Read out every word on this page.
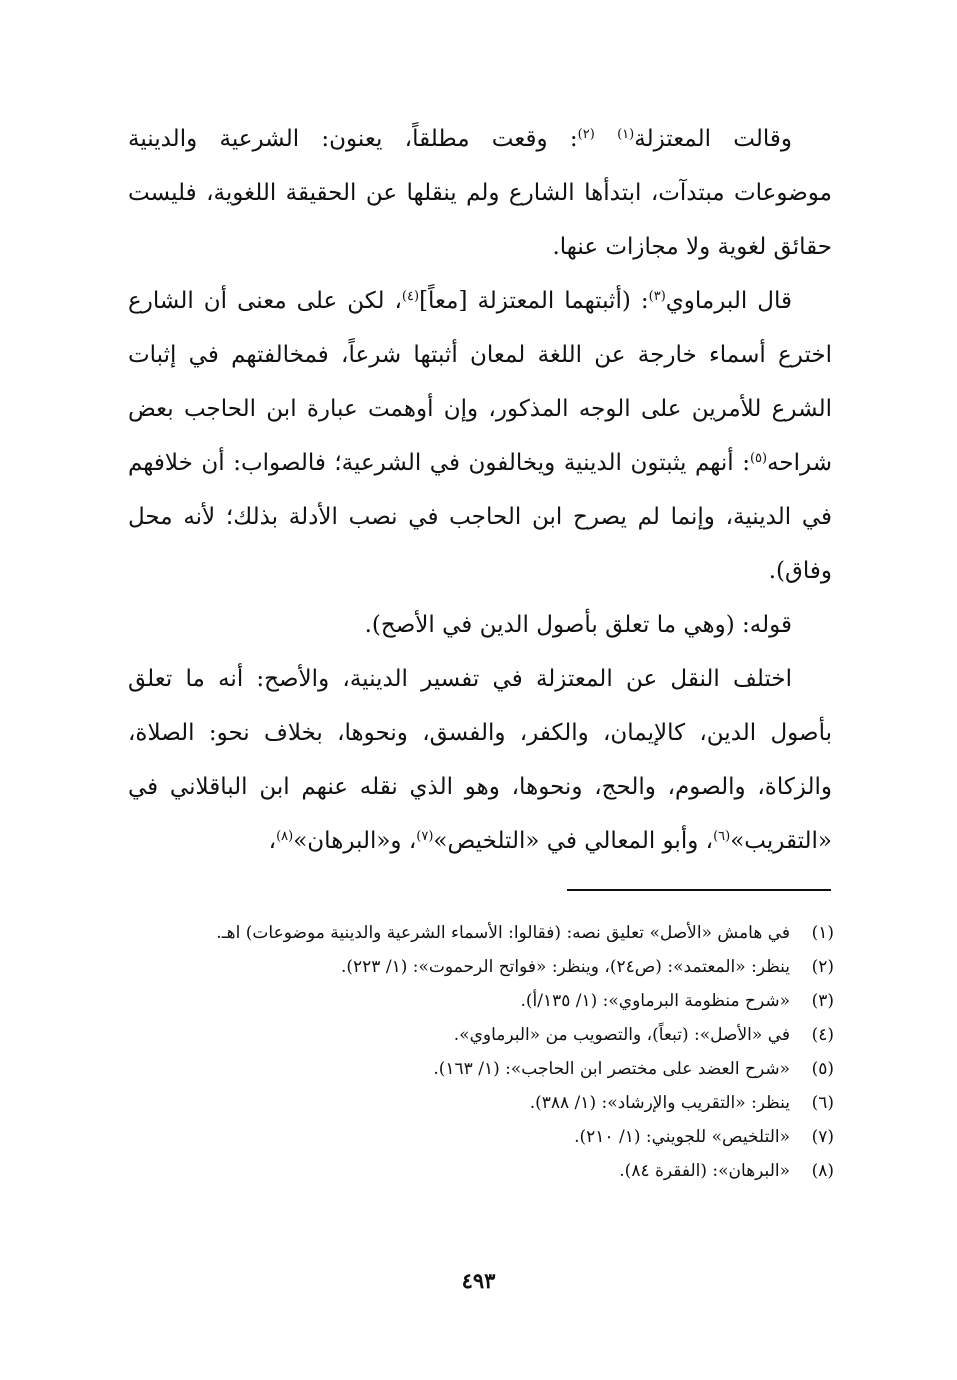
وقالت المعتزلة$^{(١)}$ $^{(٢)}$: وقعت مطلقاً، يعنون: الشرعية والدينية موضوعات مبتدآت، ابتدأها الشارع ولم ينقلها عن الحقيقة اللغوية، فليست حقائق لغوية ولا مجازات عنها.

قال البرماوي$^{(٣)}$: (أثبتهما المعتزلة [معاً]$^{(٤)}$، لكن على معنى أن الشارع اخترع أسماء خارجة عن اللغة لمعان أثبتها شرعاً، فمخالفتهم في إثبات الشرع للأمرين على الوجه المذكور، وإن أوهمت عبارة ابن الحاجب بعض شراحه$^{(٥)}$: أنهم يثبتون الدينية ويخالفون في الشرعية؛ فالصواب: أن خلافهم في الدينية، وإنما لم يصرح ابن الحاجب في نصب الأدلة بذلك؛ لأنه محل وفاق).

قوله: (وهي ما تعلق بأصول الدين في الأصح).

اختلف النقل عن المعتزلة في تفسير الدينية، والأصح: أنه ما تعلق بأصول الدين، كالإيمان، والكفر، والفسق، ونحوها، بخلاف نحو: الصلاة، والزكاة، والصوم، والحج، ونحوها، وهو الذي نقله عنهم ابن الباقلاني في «التقريب»$^{(٦)}$، وأبو المعالي في «التلخيص»$^{(٧)}$، و«البرهان»$^{(٨)}$،

(١)
في هامش «الأصل» تعليق نصه: (فقالوا: الأسماء الشرعية والدينية موضوعات) اهـ.
(٢)
ينظر: «المعتمد»: (ص٢٤)، وينظر: «فواتح الرحموت»: (١/ ٢٢٣).
(٣)
«شرح منظومة البرماوي»: (١/ ١٣٥/أ).
(٤)
في «الأصل»: (تبعاً)، والتصويب من «البرماوي».
(٥)
«شرح العضد على مختصر ابن الحاجب»: (١/ ١٦٣).
(٦)
ينظر: «التقريب والإرشاد»: (١/ ٣٨٨).
(٧)
«التلخيص» للجويني: (١/ ٢١٠).
(٨)
«البرهان»: (الفقرة ٨٤).
٤٩٣
